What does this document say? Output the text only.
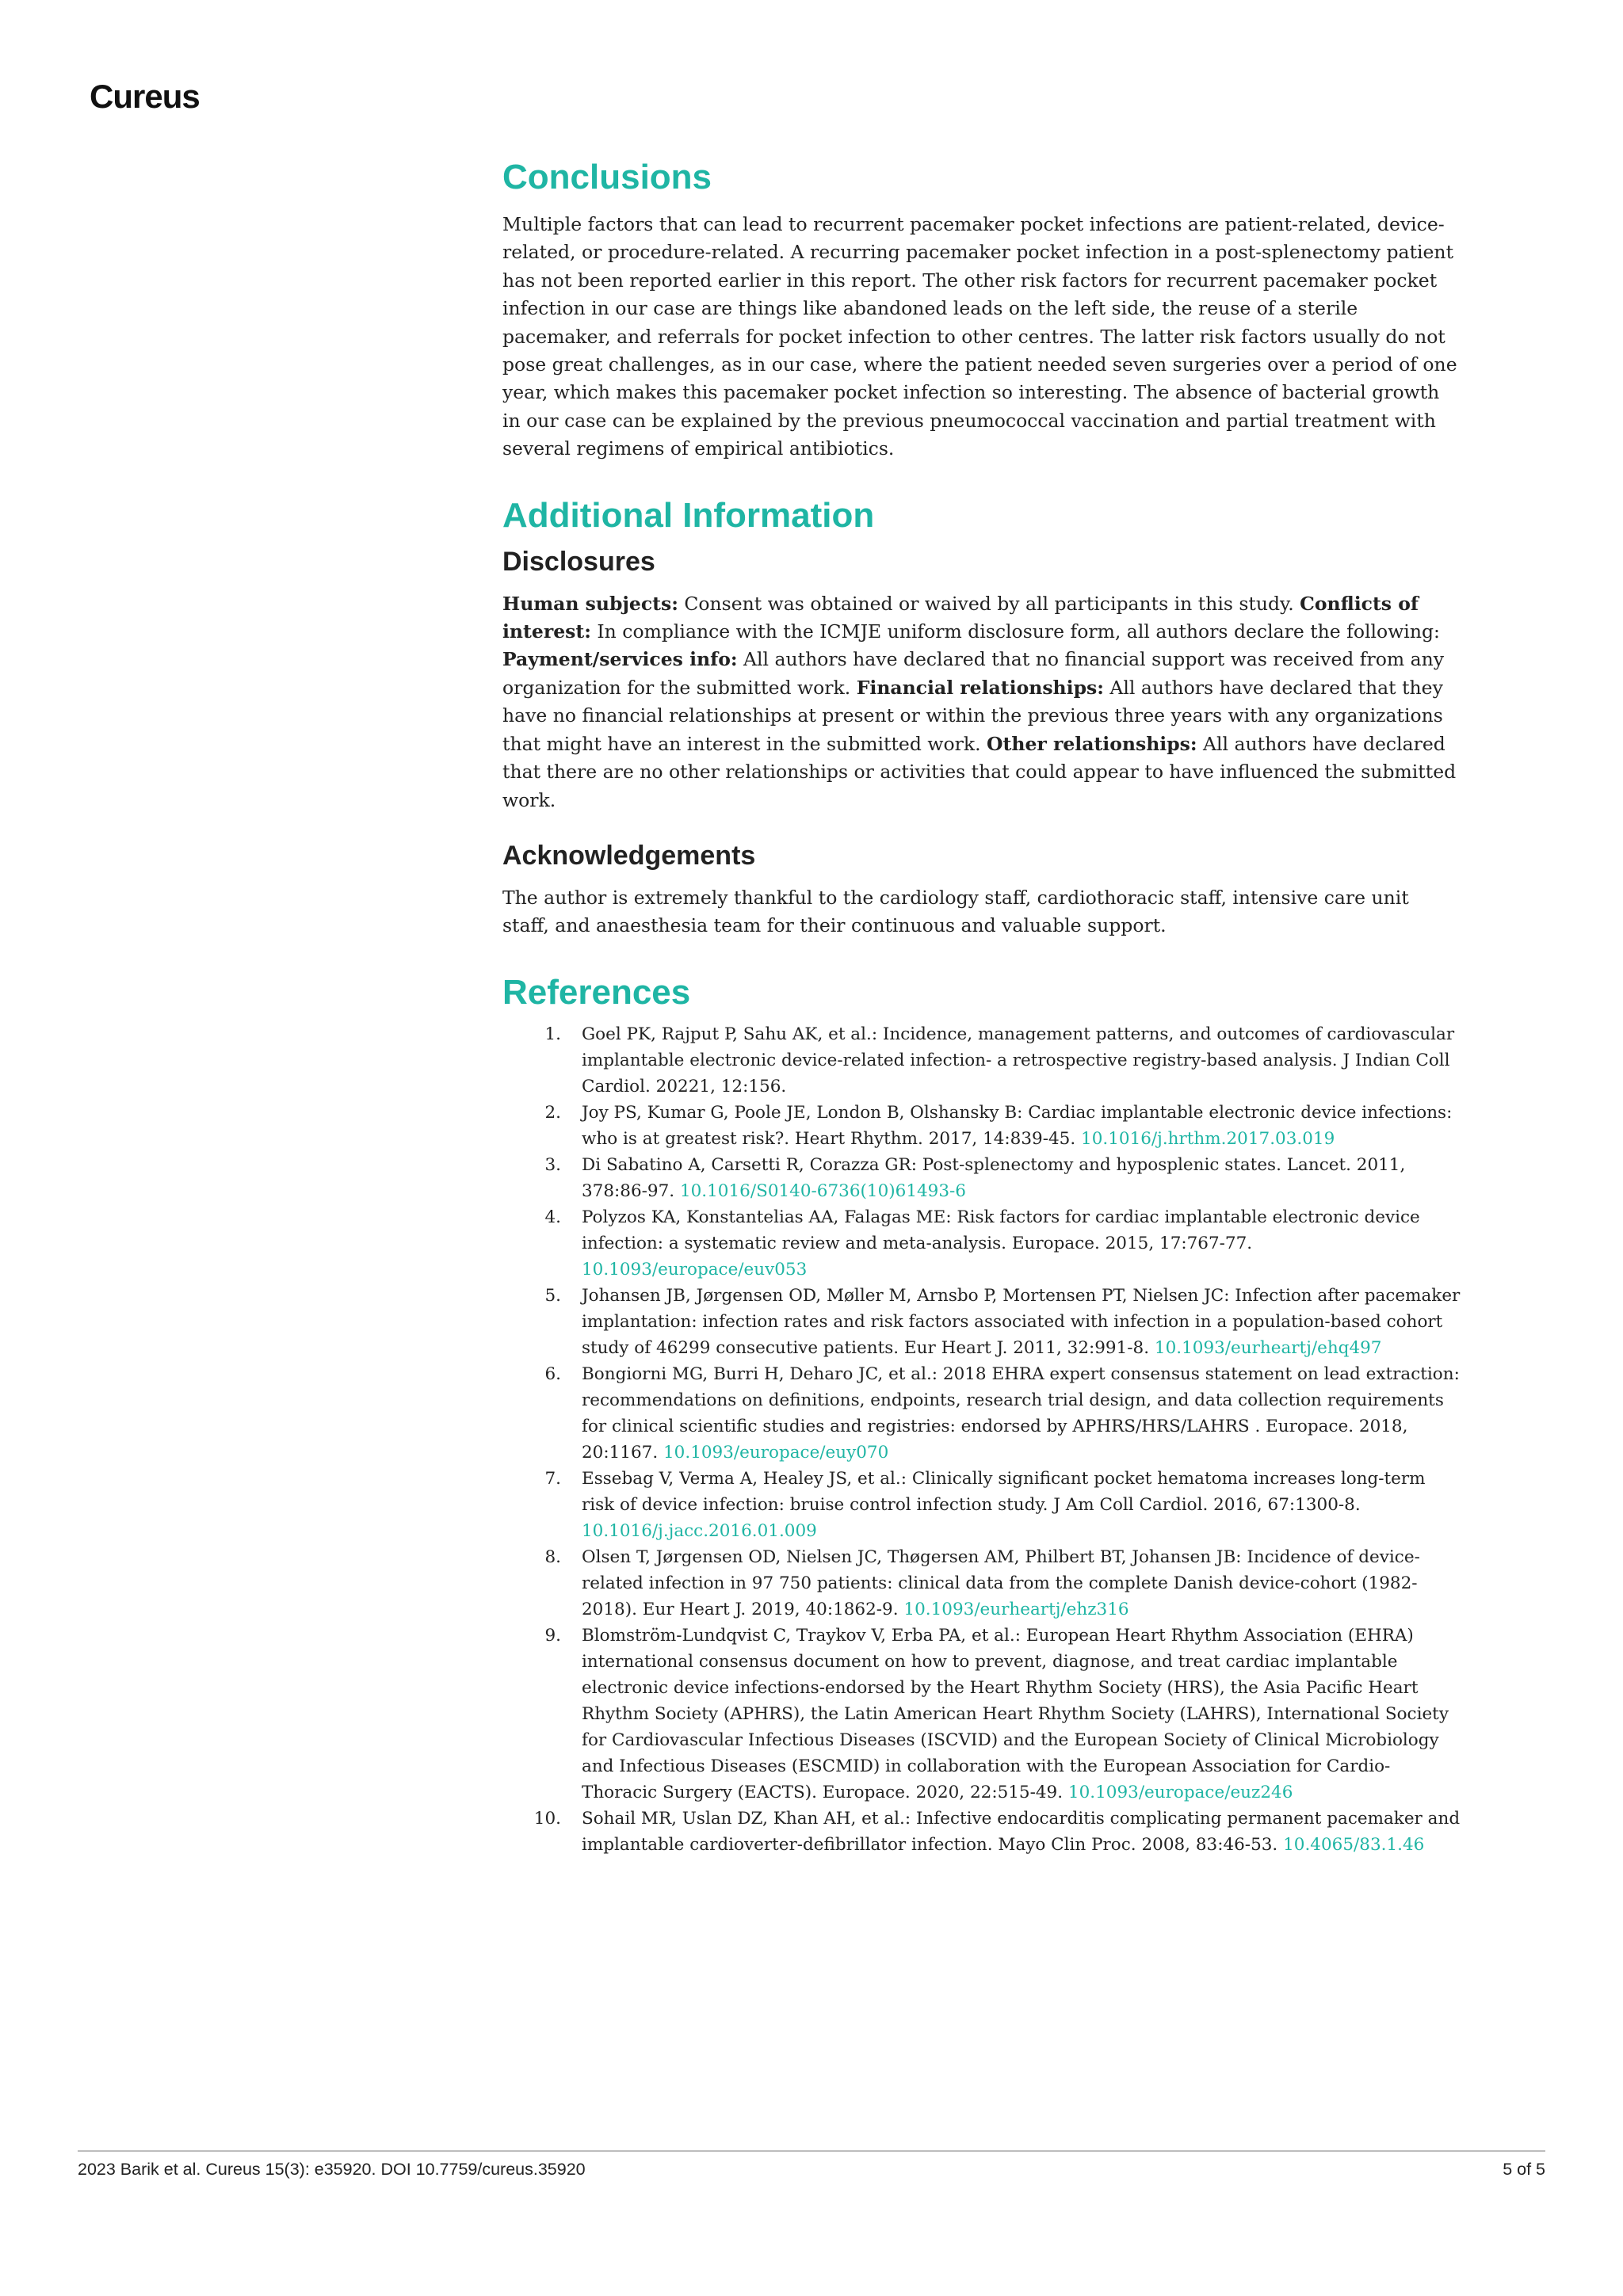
Cureus
Conclusions

Multiple factors that can lead to recurrent pacemaker pocket infections are patient-related, device-related, or procedure-related. A recurring pacemaker pocket infection in a post-splenectomy patient has not been reported earlier in this report. The other risk factors for recurrent pacemaker pocket infection in our case are things like abandoned leads on the left side, the reuse of a sterile pacemaker, and referrals for pocket infection to other centres. The latter risk factors usually do not pose great challenges, as in our case, where the patient needed seven surgeries over a period of one year, which makes this pacemaker pocket infection so interesting. The absence of bacterial growth in our case can be explained by the previous pneumococcal vaccination and partial treatment with several regimens of empirical antibiotics.

Additional Information
Disclosures

Human subjects: Consent was obtained or waived by all participants in this study. Conflicts of interest: In compliance with the ICMJE uniform disclosure form, all authors declare the following: Payment/services info: All authors have declared that no financial support was received from any organization for the submitted work. Financial relationships: All authors have declared that they have no financial relationships at present or within the previous three years with any organizations that might have an interest in the submitted work. Other relationships: All authors have declared that there are no other relationships or activities that could appear to have influenced the submitted work.

Acknowledgements

The author is extremely thankful to the cardiology staff, cardiothoracic staff, intensive care unit staff, and anaesthesia team for their continuous and valuable support.

References
1. Goel PK, Rajput P, Sahu AK, et al.: Incidence, management patterns, and outcomes of cardiovascular implantable electronic device-related infection- a retrospective registry-based analysis. J Indian Coll Cardiol. 20221, 12:156.
2. Joy PS, Kumar G, Poole JE, London B, Olshansky B: Cardiac implantable electronic device infections: who is at greatest risk?. Heart Rhythm. 2017, 14:839-45. 10.1016/j.hrthm.2017.03.019
3. Di Sabatino A, Carsetti R, Corazza GR: Post-splenectomy and hyposplenic states. Lancet. 2011, 378:86-97. 10.1016/S0140-6736(10)61493-6
4. Polyzos KA, Konstantelias AA, Falagas ME: Risk factors for cardiac implantable electronic device infection: a systematic review and meta-analysis. Europace. 2015, 17:767-77. 10.1093/europace/euv053
5. Johansen JB, Jørgensen OD, Møller M, Arnsbo P, Mortensen PT, Nielsen JC: Infection after pacemaker implantation: infection rates and risk factors associated with infection in a population-based cohort study of 46299 consecutive patients. Eur Heart J. 2011, 32:991-8. 10.1093/eurheartj/ehq497
6. Bongiorni MG, Burri H, Deharo JC, et al.: 2018 EHRA expert consensus statement on lead extraction: recommendations on definitions, endpoints, research trial design, and data collection requirements for clinical scientific studies and registries: endorsed by APHRS/HRS/LAHRS . Europace. 2018, 20:1167. 10.1093/europace/euy070
7. Essebag V, Verma A, Healey JS, et al.: Clinically significant pocket hematoma increases long-term risk of device infection: bruise control infection study. J Am Coll Cardiol. 2016, 67:1300-8. 10.1016/j.jacc.2016.01.009
8. Olsen T, Jørgensen OD, Nielsen JC, Thøgersen AM, Philbert BT, Johansen JB: Incidence of device-related infection in 97 750 patients: clinical data from the complete Danish device-cohort (1982-2018). Eur Heart J. 2019, 40:1862-9. 10.1093/eurheartj/ehz316
9. Blomström-Lundqvist C, Traykov V, Erba PA, et al.: European Heart Rhythm Association (EHRA) international consensus document on how to prevent, diagnose, and treat cardiac implantable electronic device infections-endorsed by the Heart Rhythm Society (HRS), the Asia Pacific Heart Rhythm Society (APHRS), the Latin American Heart Rhythm Society (LAHRS), International Society for Cardiovascular Infectious Diseases (ISCVID) and the European Society of Clinical Microbiology and Infectious Diseases (ESCMID) in collaboration with the European Association for Cardio-Thoracic Surgery (EACTS). Europace. 2020, 22:515-49. 10.1093/europace/euz246
10. Sohail MR, Uslan DZ, Khan AH, et al.: Infective endocarditis complicating permanent pacemaker and implantable cardioverter-defibrillator infection. Mayo Clin Proc. 2008, 83:46-53. 10.4065/83.1.46
2023 Barik et al. Cureus 15(3): e35920. DOI 10.7759/cureus.35920	5 of 5
